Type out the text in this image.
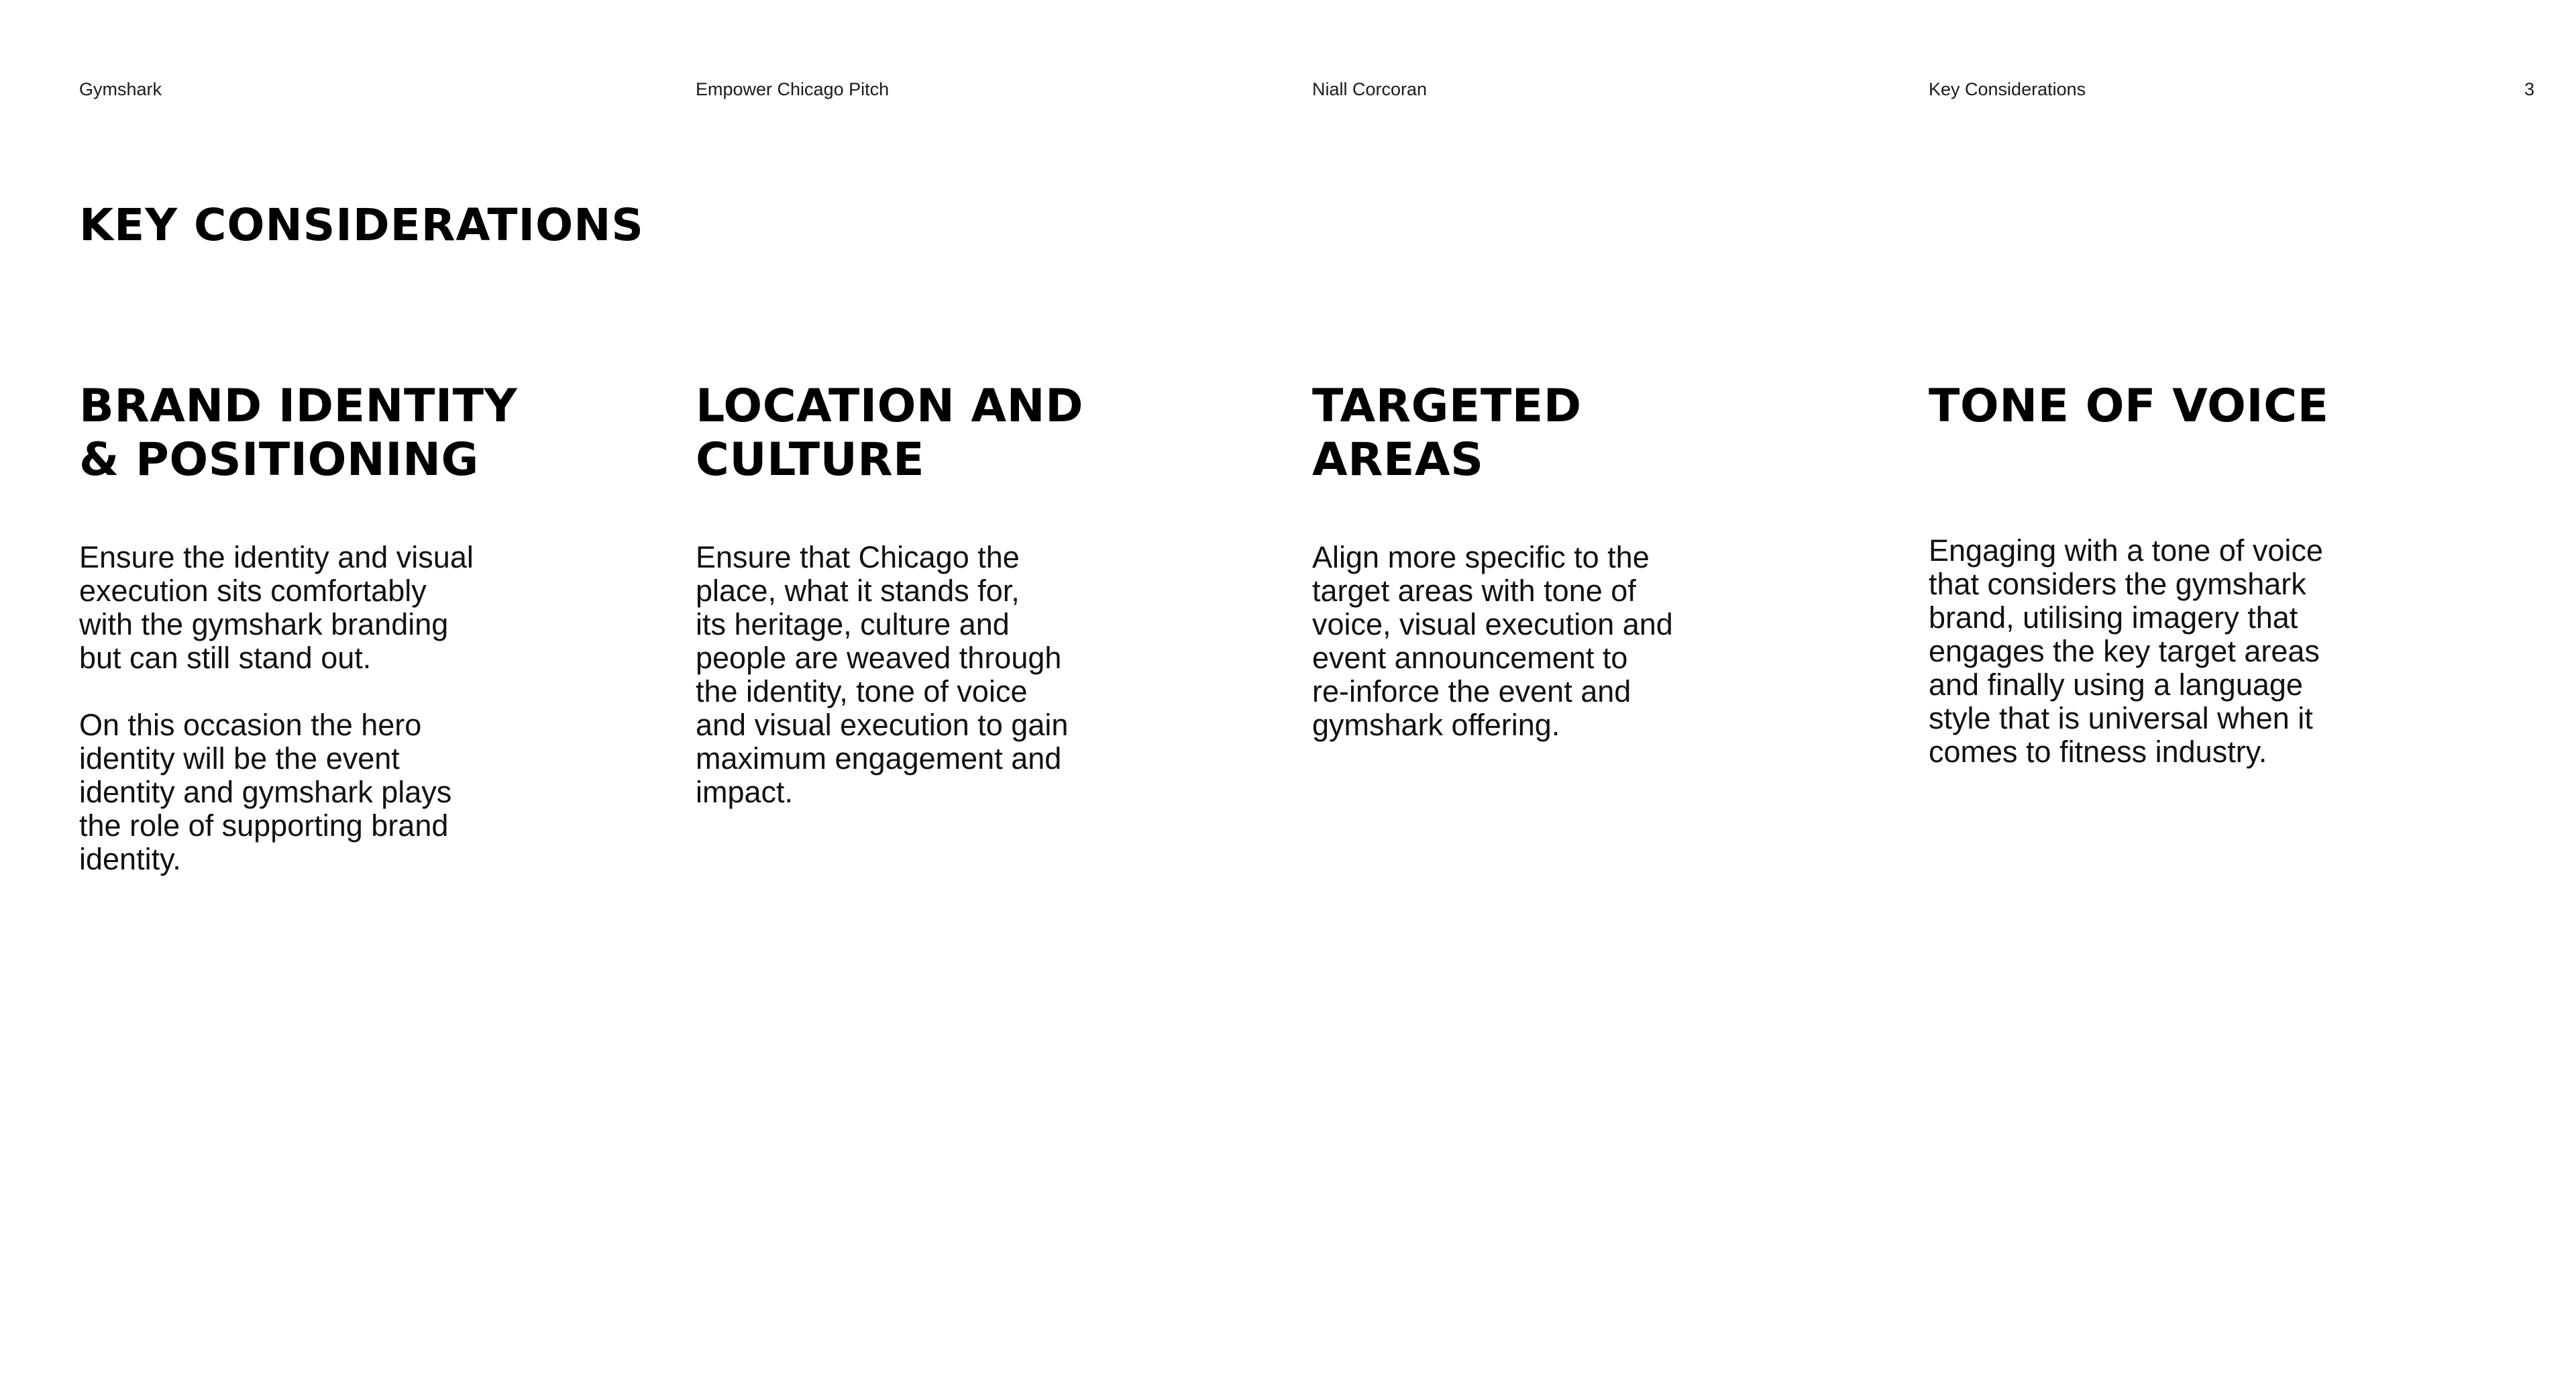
Gymshark	Empower Chicago Pitch	Niall Corcoran	Key Considerations	3
KEY CONSIDERATIONS
BRAND IDENTITY
& POSITIONING

Ensure the identity and visual
execution sits comfortably
with the gymshark branding
but can still stand out.

On this occasion the hero
identity will be the event
identity and gymshark plays
the role of supporting brand
identity.

LOCATION AND
CULTURE

Ensure that Chicago the
place, what it stands for,
its heritage, culture and
people are weaved through
the identity, tone of voice
and visual execution to gain
maximum engagement and
impact.

TARGETED
AREAS

Align more specific to the
target areas with tone of
voice, visual execution and
event announcement to
re-inforce the event and
gymshark offering.

TONE OF VOICE

Engaging with a tone of voice
that considers the gymshark
brand, utilising imagery that
engages the key target areas
and finally using a language
style that is universal when it
comes to fitness industry.
